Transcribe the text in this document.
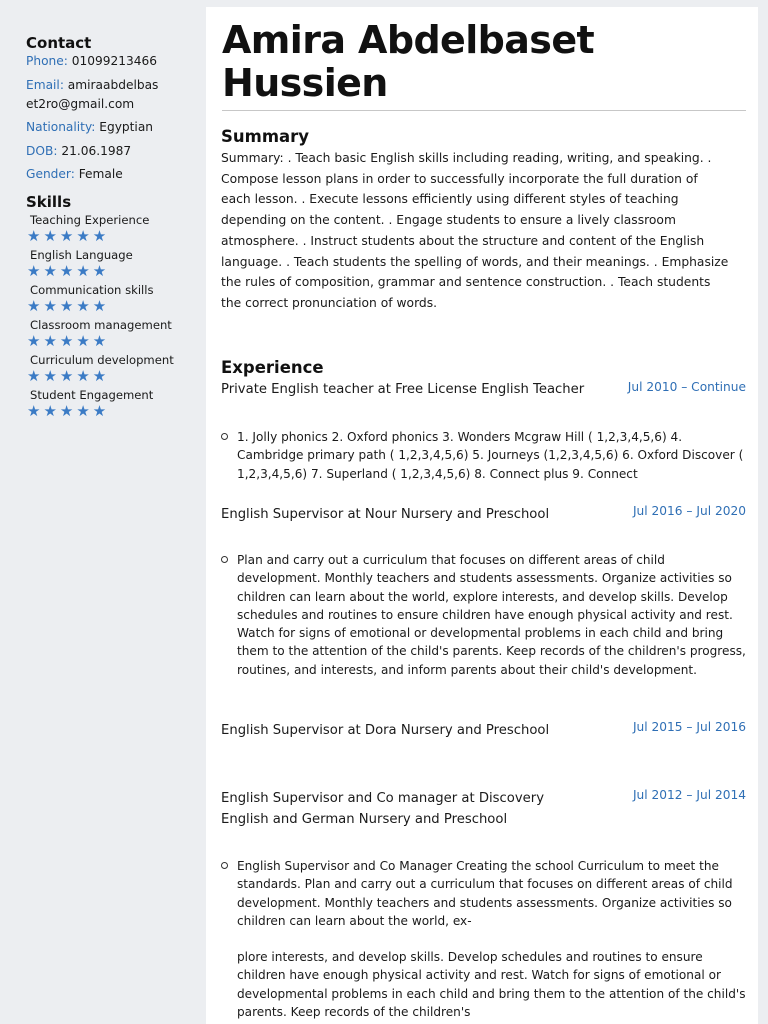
Contact
Phone: 01099213466
Email: amiraabdelbas
et2ro@gmail.com
Nationality: Egyptian
DOB: 21.06.1987
Gender: Female
Skills
Teaching Experience
★★★★★
English Language
★★★★★
Communication skills
★★★★★
Classroom management
★★★★★
Curriculum development
★★★★★
Student Engagement
★★★★★
Amira Abdelbaset
Hussien
Summary

Summary: . Teach basic English skills including reading, writing, and speaking. . Compose lesson plans in order to successfully incorporate the full duration of each lesson. . Execute lessons efficiently using different styles of teaching depending on the content. . Engage students to ensure a lively classroom atmosphere. . Instruct students about the structure and content of the English language. . Teach students the spelling of words, and their meanings. . Emphasize the rules of composition, grammar and sentence construction. . Teach students the correct pronunciation of words.

Experience
Private English teacher at Free License English Teacher	Jul 2010 – Continue

1. Jolly phonics 2. Oxford phonics 3. Wonders Mcgraw Hill ( 1,2,3,4,5,6) 4. Cambridge primary path ( 1,2,3,4,5,6) 5. Journeys (1,2,3,4,5,6) 6. Oxford Discover ( 1,2,3,4,5,6) 7. Superland ( 1,2,3,4,5,6) 8. Connect plus 9. Connect

English Supervisor at Nour Nursery and Preschool	Jul 2016 – Jul 2020

Plan and carry out a curriculum that focuses on different areas of child development. Monthly teachers and students assessments. Organize activities so children can learn about the world, explore interests, and develop skills. Develop schedules and routines to ensure children have enough physical activity and rest. Watch for signs of emotional or developmental problems in each child and bring them to the attention of the child's parents. Keep records of the children's progress, routines, and interests, and inform parents about their child's development.

English Supervisor at Dora Nursery and Preschool	Jul 2015 – Jul 2016
English Supervisor and Co manager at Discovery English and German Nursery and Preschool
Jul 2012 – Jul 2014

English Supervisor and Co Manager Creating the school Curriculum to meet the standards. Plan and carry out a curriculum that focuses on different areas of child development. Monthly teachers and students assessments. Organize activities so children can learn about the world, ex-

plore interests, and develop skills. Develop schedules and routines to ensure children have enough physical activity and rest. Watch for signs of emotional or developmental problems in each child and bring them to the attention of the child's parents. Keep records of the children's
